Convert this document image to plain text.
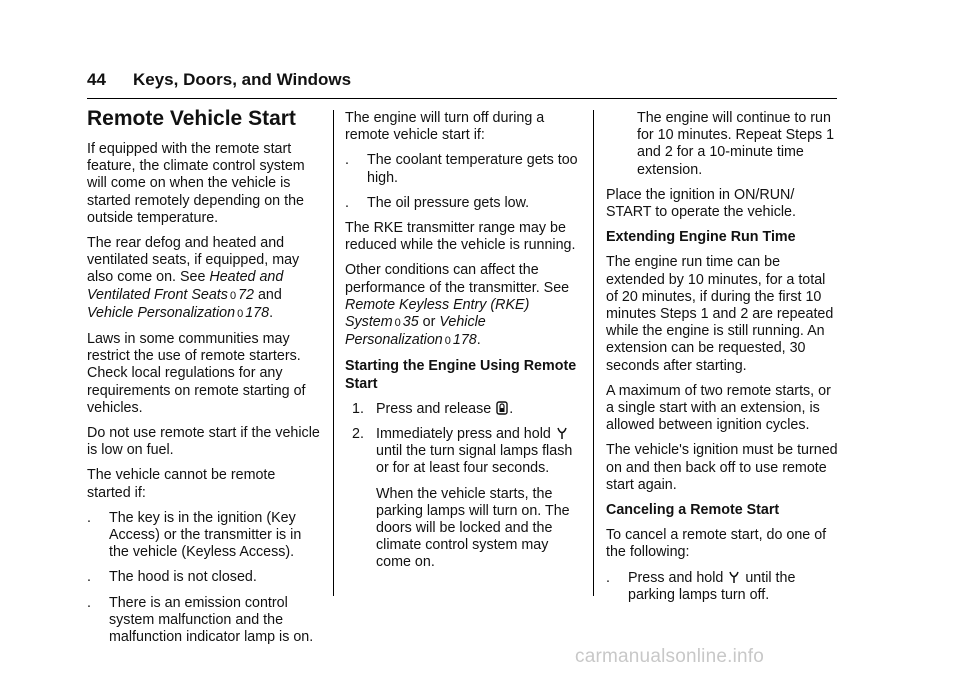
44 Keys, Doors, and Windows
Remote Vehicle Start

If equipped with the remote start feature, the climate control system will come on when the vehicle is started remotely depending on the outside temperature.

The rear defog and heated and ventilated seats, if equipped, may also come on. See Heated and Ventilated Front Seats 0 72 and Vehicle Personalization 0 178.

Laws in some communities may restrict the use of remote starters. Check local regulations for any requirements on remote starting of vehicles.

Do not use remote start if the vehicle is low on fuel.

The vehicle cannot be remote started if:

. The key is in the ignition (Key Access) or the transmitter is in the vehicle (Keyless Access).
. The hood is not closed.
. There is an emission control system malfunction and the malfunction indicator lamp is on.

The engine will turn off during a remote vehicle start if:

. The coolant temperature gets too high.
. The oil pressure gets low.

The RKE transmitter range may be reduced while the vehicle is running.

Other conditions can affect the performance of the transmitter. See Remote Keyless Entry (RKE) System 0 35 or Vehicle Personalization 0 178.

Starting the Engine Using Remote Start

1. Press and release .
2. Immediately press and hold
until the turn signal lamps flash or for at least four seconds.

When the vehicle starts, the parking lamps will turn on. The doors will be locked and the climate control system may come on.

The engine will continue to run for 10 minutes. Repeat Steps 1 and 2 for a 10-minute time extension.

Place the ignition in ON/RUN/ START to operate the vehicle.

Extending Engine Run Time

The engine run time can be extended by 10 minutes, for a total of 20 minutes, if during the first 10 minutes Steps 1 and 2 are repeated while the engine is still running. An extension can be requested, 30 seconds after starting.

A maximum of two remote starts, or a single start with an extension, is allowed between ignition cycles.

The vehicle's ignition must be turned on and then back off to use remote start again.

Canceling a Remote Start

To cancel a remote start, do one of the following:

. Press and hold until the parking lamps turn off.
carmanualsonline.info
